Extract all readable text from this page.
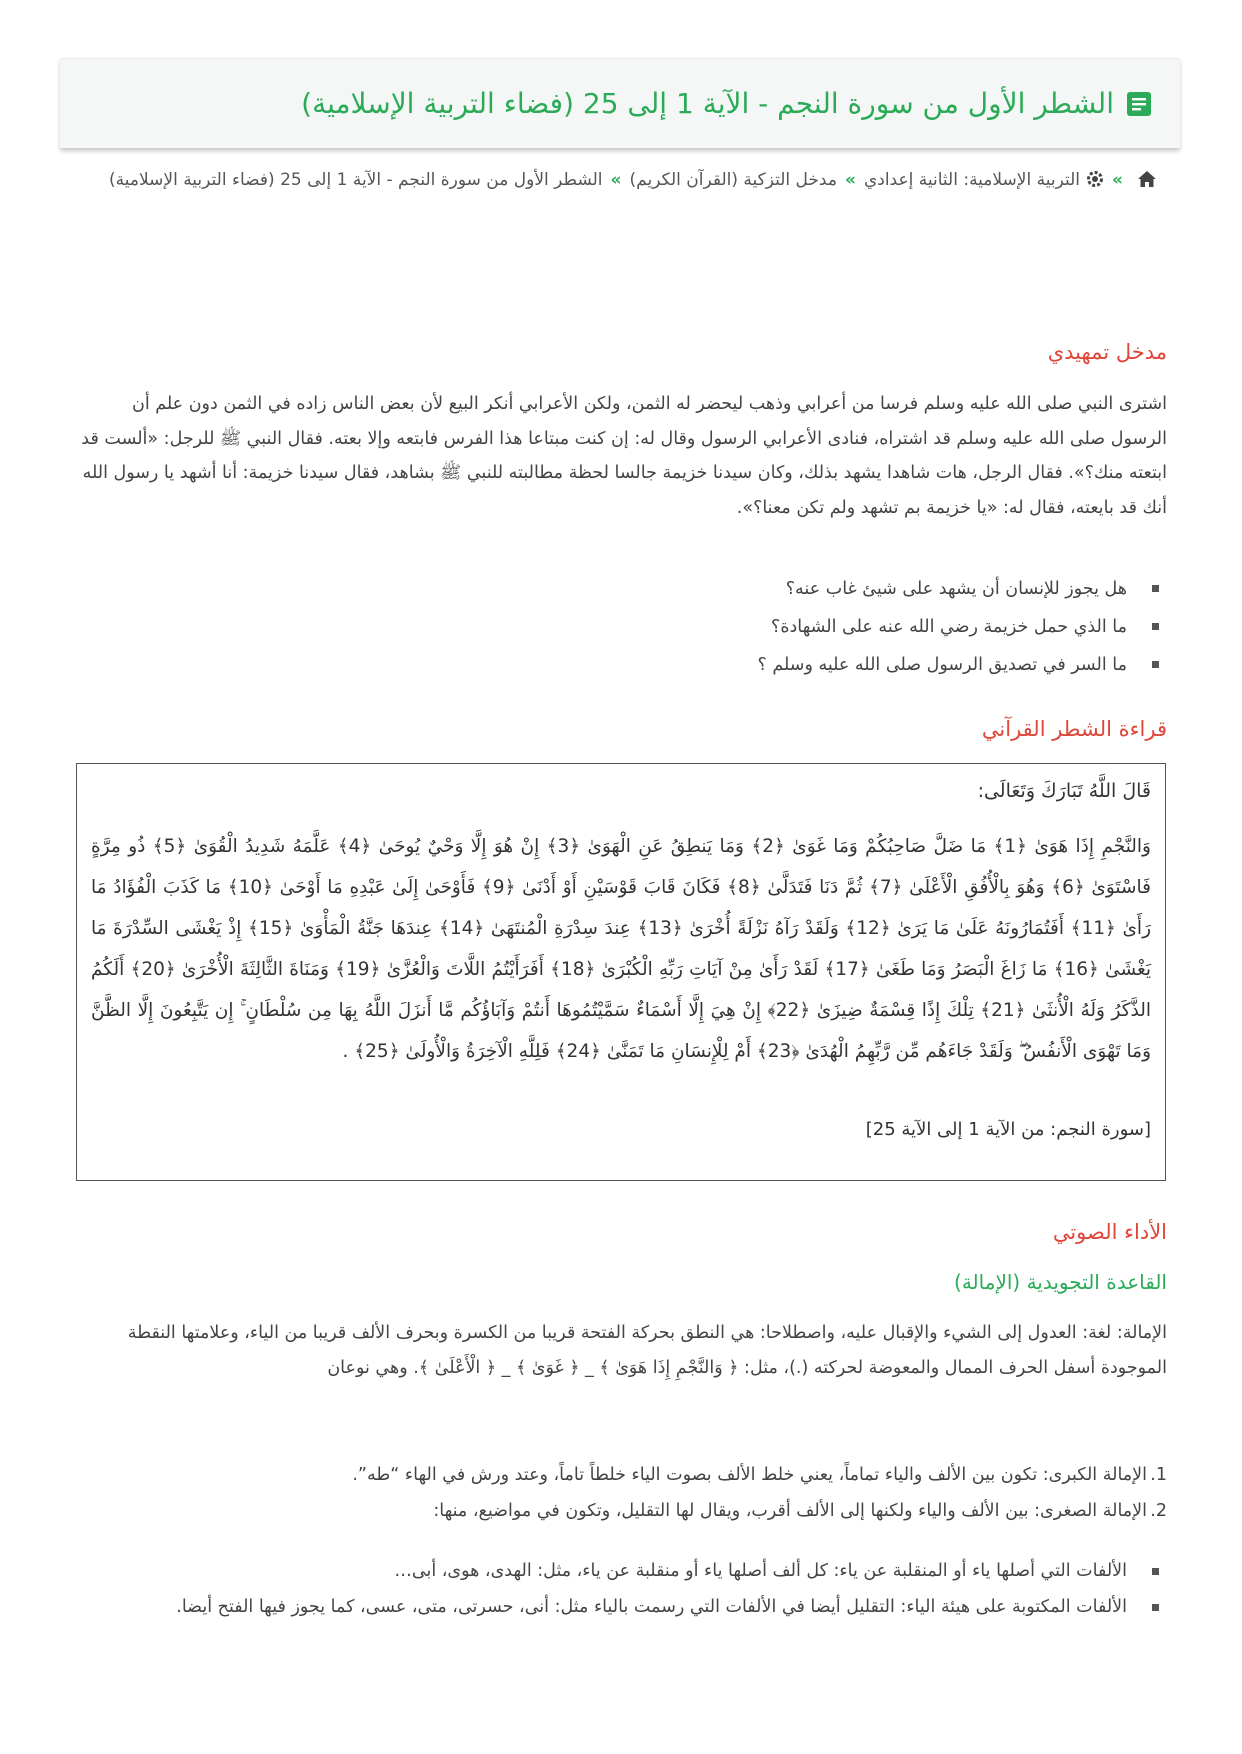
الشطر الأول من سورة النجم - الآية 1 إلى 25 (فضاء التربية الإسلامية)
»التربية الإسلامية: الثانية إعدادي»مدخل التزكية (القرآن الكريم)»الشطر الأول من سورة النجم - الآية 1 إلى 25 (فضاء التربية الإسلامية)
مدخل تمهيدي
اشترى النبي صلى الله عليه وسلم فرسا من أعرابي وذهب ليحضر له الثمن، ولكن الأعرابي أنكر البيع لأن بعض الناس زاده في الثمن دون علم أن الرسول صلى الله عليه وسلم قد اشتراه، فنادى الأعرابي الرسول وقال له: إن كنت مبتاعا هذا الفرس فابتعه وإلا بعته. فقال النبي ﷺ للرجل: «ألست قد ابتعته منك؟». فقال الرجل، هات شاهدا يشهد بذلك، وكان سيدنا خزيمة جالسا لحظة مطالبته للنبي ﷺ بشاهد، فقال سيدنا خزيمة: أنا أشهد يا رسول الله أنك قد بايعته، فقال له: «يا خزيمة بم تشهد ولم تكن معنا؟».
هل يجوز للإنسان أن يشهد على شيئ غاب عنه؟
ما الذي حمل خزيمة رضي الله عنه على الشهادة؟
ما السر في تصديق الرسول صلى الله عليه وسلم ؟
قراءة الشطر القرآني
قَالَ اللَّهُ تَبَارَكَ وَتَعَالَى:
وَالنَّجْمِ إِذَا هَوَىٰ ﴿1﴾ مَا ضَلَّ صَاحِبُكُمْ وَمَا غَوَىٰ ﴿2﴾ وَمَا يَنطِقُ عَنِ الْهَوَىٰ ﴿3﴾ إِنْ هُوَ إِلَّا وَحْيٌ يُوحَىٰ ﴿4﴾ عَلَّمَهُ شَدِيدُ الْقُوَىٰ ﴿5﴾ ذُو مِرَّةٍ فَاسْتَوَىٰ ﴿6﴾ وَهُوَ بِالْأُفُقِ الْأَعْلَىٰ ﴿7﴾ ثُمَّ دَنَا فَتَدَلَّىٰ ﴿8﴾ فَكَانَ قَابَ قَوْسَيْنِ أَوْ أَدْنَىٰ ﴿9﴾ فَأَوْحَىٰ إِلَىٰ عَبْدِهِ مَا أَوْحَىٰ ﴿10﴾ مَا كَذَبَ الْفُؤَادُ مَا رَأَىٰ ﴿11﴾ أَفَتُمَارُونَهُ عَلَىٰ مَا يَرَىٰ ﴿12﴾ وَلَقَدْ رَآهُ نَزْلَةً أُخْرَىٰ ﴿13﴾ عِندَ سِدْرَةِ الْمُنتَهَىٰ ﴿14﴾ عِندَهَا جَنَّةُ الْمَأْوَىٰ ﴿15﴾ إِذْ يَغْشَى السِّدْرَةَ مَا يَغْشَىٰ ﴿16﴾ مَا زَاغَ الْبَصَرُ وَمَا طَغَىٰ ﴿17﴾ لَقَدْ رَأَىٰ مِنْ آيَاتِ رَبِّهِ الْكُبْرَىٰ ﴿18﴾ أَفَرَأَيْتُمُ اللَّاتَ وَالْعُزَّىٰ ﴿19﴾ وَمَنَاةَ الثَّالِثَةَ الْأُخْرَىٰ ﴿20﴾ أَلَكُمُ الذَّكَرُ وَلَهُ الْأُنثَىٰ ﴿21﴾ تِلْكَ إِذًا قِسْمَةٌ ضِيزَىٰ ﴿22﴾ إِنْ هِيَ إِلَّا أَسْمَاءٌ سَمَّيْتُمُوهَا أَنتُمْ وَآبَاؤُكُم مَّا أَنزَلَ اللَّهُ بِهَا مِن سُلْطَانٍ ۚ إِن يَتَّبِعُونَ إِلَّا الظَّنَّ وَمَا تَهْوَى الْأَنفُسُ ۖ وَلَقَدْ جَاءَهُم مِّن رَّبِّهِمُ الْهُدَىٰ ﴿23﴾ أَمْ لِلْإِنسَانِ مَا تَمَنَّىٰ ﴿24﴾ فَلِلَّهِ الْآخِرَةُ وَالْأُولَىٰ ﴿25﴾ .
[سورة النجم: من الآية 1 إلى الآية 25]
الأداء الصوتي
القاعدة التجويدية (الإمالة)
الإمالة: لغة: العدول إلى الشيء والإقبال عليه، واصطلاحا: هي النطق بحركة الفتحة قريبا من الكسرة وبحرف الألف قريبا من الياء، وعلامتها النقطة الموجودة أسفل الحرف الممال والمعوضة لحركته (.)، مثل: ﴿ وَالنَّجْمِ إِذَا هَوَىٰ ﴾ _ ﴿ غَوَىٰ ﴾ _ ﴿ الْأَعْلَىٰ ﴾. وهي نوعان
1.
الإمالة الكبرى: تكون بين الألف والياء تماماً، يعني خلط الألف بصوت الياء خلطاً تاماً، وعتد ورش في الهاء “طه”.
2.
الإمالة الصغرى: بين الألف والياء ولكنها إلى الألف أقرب، ويقال لها التقليل، وتكون في مواضيع، منها:
الألفات التي أصلها ياء أو المنقلبة عن ياء: كل ألف أصلها ياء أو منقلبة عن ياء، مثل: الهدى، هوى، أبى…
الألفات المكتوبة على هيئة الياء: التقليل أيضا في الألفات التي رسمت بالياء مثل: أنى، حسرتى، متى، عسى، كما يجوز فيها الفتح أيضا.
